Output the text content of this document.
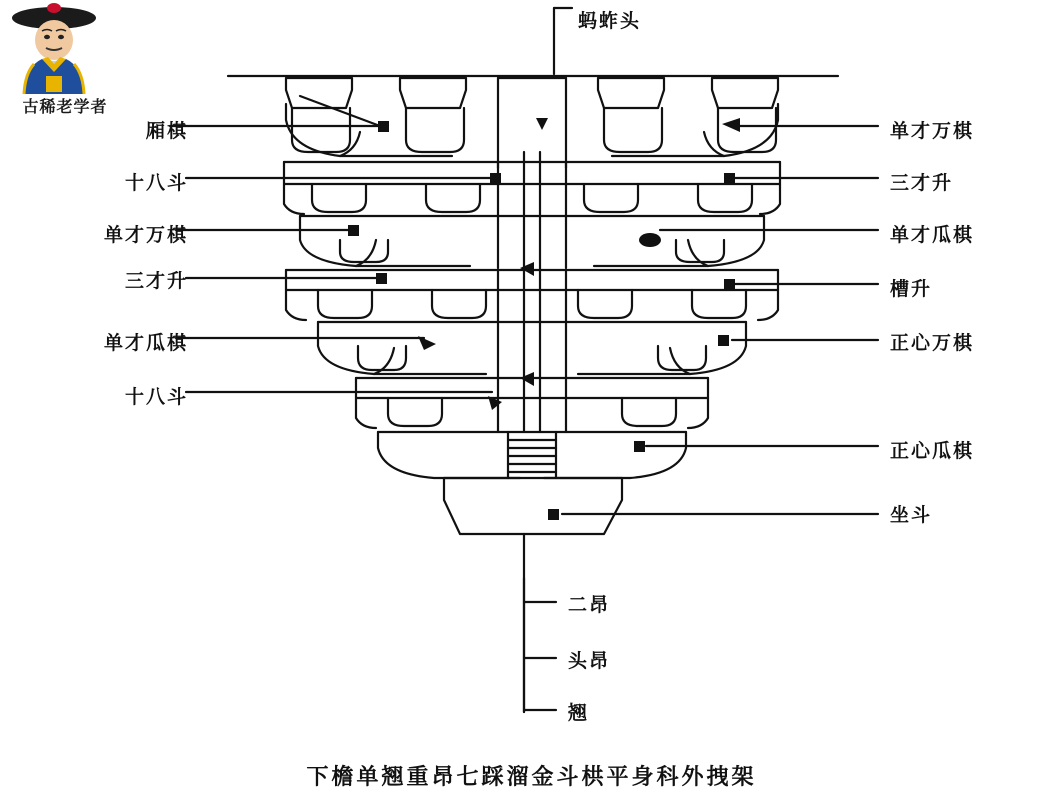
古稀老学者
蚂蚱头
厢棋
十八斗
单才万棋
三才升
单才瓜棋
十八斗
单才万棋
三才升
单才瓜棋
槽升
正心万棋
正心瓜棋
坐斗
二昂
头昂
翘
下檐单翘重昂七踩溜金斗栱平身科外拽架
